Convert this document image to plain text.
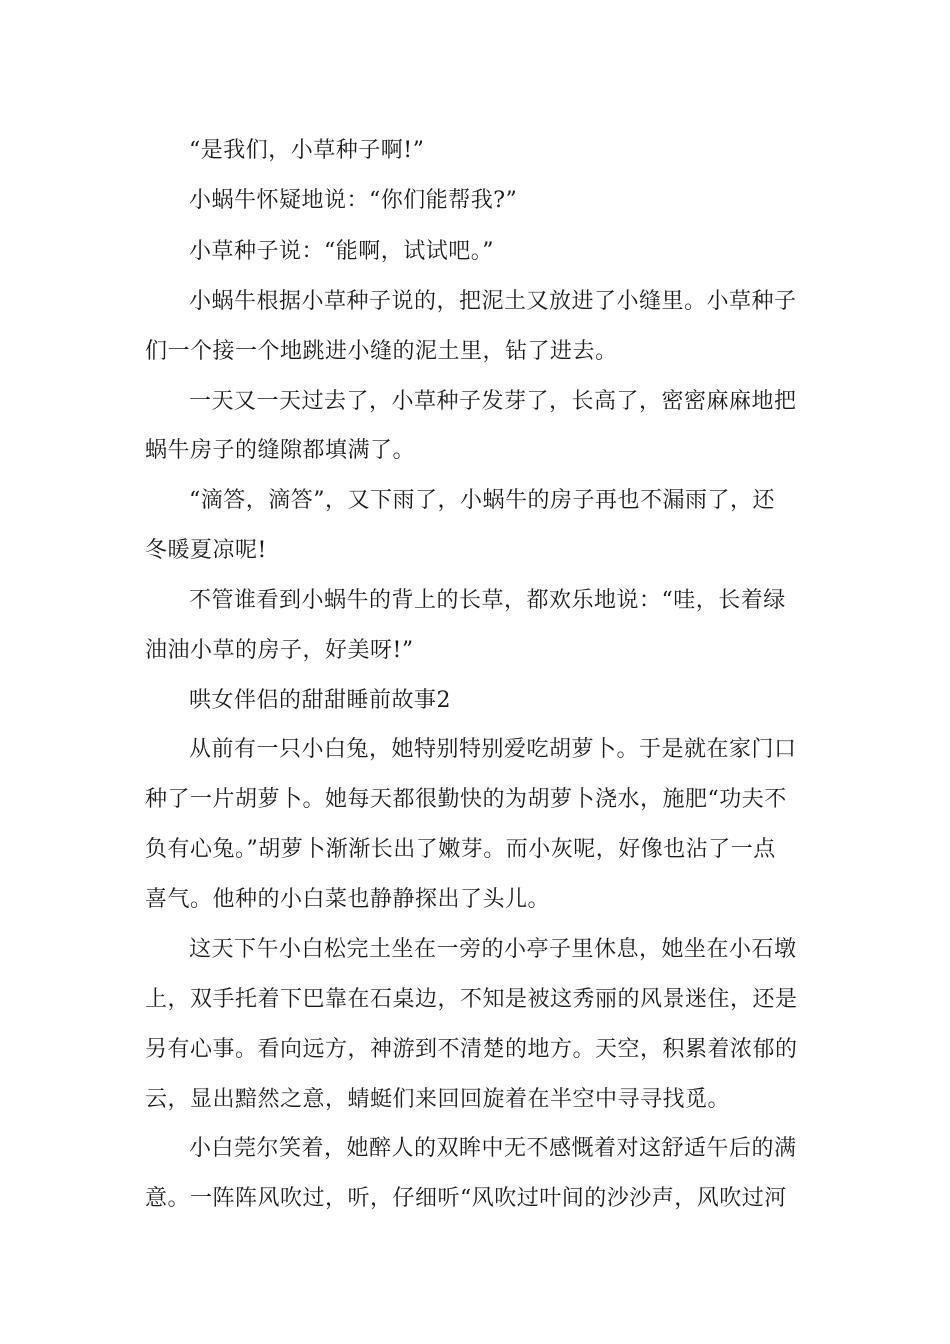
“是我们，小草种子啊!”
小蜗牛怀疑地说：“你们能帮我?”
小草种子说：“能啊，试试吧。”
小蜗牛根据小草种子说的，把泥土又放进了小缝里。小草种子
们一个接一个地跳进小缝的泥土里，钻了进去。
一天又一天过去了，小草种子发芽了，长高了，密密麻麻地把
蜗牛房子的缝隙都填满了。
“滴答，滴答”，又下雨了，小蜗牛的房子再也不漏雨了，还
冬暖夏凉呢!
不管谁看到小蜗牛的背上的长草，都欢乐地说：“哇，长着绿
油油小草的房子，好美呀!”
哄女伴侣的甜甜睡前故事2
从前有一只小白兔，她特别特别爱吃胡萝卜。于是就在家门口
种了一片胡萝卜。她每天都很勤快的为胡萝卜浇水，施肥“功夫不
负有心兔。”胡萝卜渐渐长出了嫩芽。而小灰呢，好像也沾了一点
喜气。他种的小白菜也静静探出了头儿。
这天下午小白松完土坐在一旁的小亭子里休息，她坐在小石墩
上，双手托着下巴靠在石桌边，不知是被这秀丽的风景迷住，还是
另有心事。看向远方，神游到不清楚的地方。天空，积累着浓郁的
云，显出黯然之意，蜻蜓们来回回旋着在半空中寻寻找觅。
小白莞尔笑着，她醉人的双眸中无不感慨着对这舒适午后的满
意。一阵阵风吹过，听，仔细听“风吹过叶间的沙沙声，风吹过河
